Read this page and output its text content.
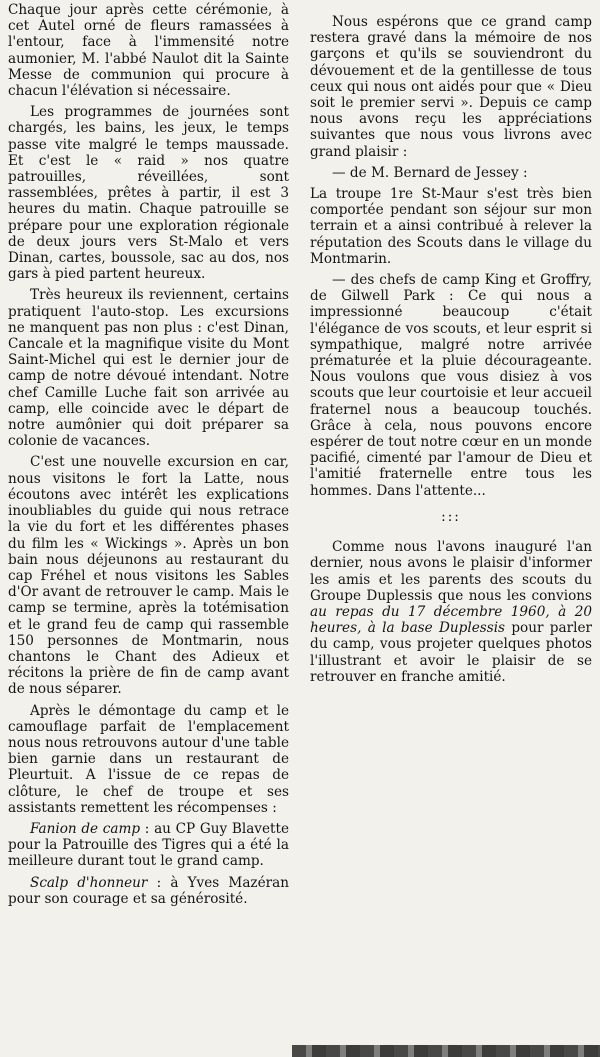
Chaque jour après cette cérémonie, à cet Autel orné de fleurs ramassées à l'entour, face à l'immensité notre aumonier, M. l'abbé Naulot dit la Sainte Messe de communion qui procure à chacun l'élévation si nécessaire.

Les programmes de journées sont chargés, les bains, les jeux, le temps passe vite malgré le temps maussade. Et c'est le « raid » nos quatre patrouilles, réveillées, sont rassemblées, prêtes à partir, il est 3 heures du matin. Chaque patrouille se prépare pour une exploration régionale de deux jours vers St-Malo et vers Dinan, cartes, boussole, sac au dos, nos gars à pied partent heureux.

Très heureux ils reviennent, certains pratiquent l'auto-stop. Les excursions ne manquent pas non plus : c'est Dinan, Cancale et la magnifique visite du Mont Saint-Michel qui est le dernier jour de camp de notre dévoué intendant. Notre chef Camille Luche fait son arrivée au camp, elle coincide avec le départ de notre aumônier qui doit préparer sa colonie de vacances.

C'est une nouvelle excursion en car, nous visitons le fort la Latte, nous écoutons avec intérêt les explications inoubliables du guide qui nous retrace la vie du fort et les différentes phases du film les « Wickings ». Après un bon bain nous déjeunons au restaurant du cap Fréhel et nous visitons les Sables d'Or avant de retrouver le camp. Mais le camp se termine, après la totémisation et le grand feu de camp qui rassemble 150 personnes de Montmarin, nous chantons le Chant des Adieux et récitons la prière de fin de camp avant de nous séparer.

Après le démontage du camp et le camouflage parfait de l'emplacement nous nous retrouvons autour d'une table bien garnie dans un restaurant de Pleurtuit. A l'issue de ce repas de clôture, le chef de troupe et ses assistants remettent les récompenses :

Fanion de camp : au CP Guy Blavette pour la Patrouille des Tigres qui a été la meilleure durant tout le grand camp.

Scalp d'honneur : à Yves Mazéran pour son courage et sa générosité.

Nous espérons que ce grand camp restera gravé dans la mémoire de nos garçons et qu'ils se souviendront du dévouement et de la gentillesse de tous ceux qui nous ont aidés pour que « Dieu soit le premier servi ». Depuis ce camp nous avons reçu les appréciations suivantes que nous vous livrons avec grand plaisir :

— de M. Bernard de Jessey :

La troupe 1re St-Maur s'est très bien comportée pendant son séjour sur mon terrain et a ainsi contribué à relever la réputation des Scouts dans le village du Montmarin.

— des chefs de camp King et Groffry, de Gilwell Park : Ce qui nous a impressionné beaucoup c'était l'élégance de vos scouts, et leur esprit si sympathique, malgré notre arrivée prématurée et la pluie décourageante. Nous voulons que vous disiez à vos scouts que leur courtoisie et leur accueil fraternel nous a beaucoup touchés. Grâce à cela, nous pouvons encore espérer de tout notre cœur en un monde pacifié, cimenté par l'amour de Dieu et l'amitié fraternelle entre tous les hommes. Dans l'attente...

:::

Comme nous l'avons inauguré l'an dernier, nous avons le plaisir d'informer les amis et les parents des scouts du Groupe Duplessis que nous les convions au repas du 17 décembre 1960, à 20 heures, à la base Duplessis pour parler du camp, vous projeter quelques photos l'illustrant et avoir le plaisir de se retrouver en franche amitié.
